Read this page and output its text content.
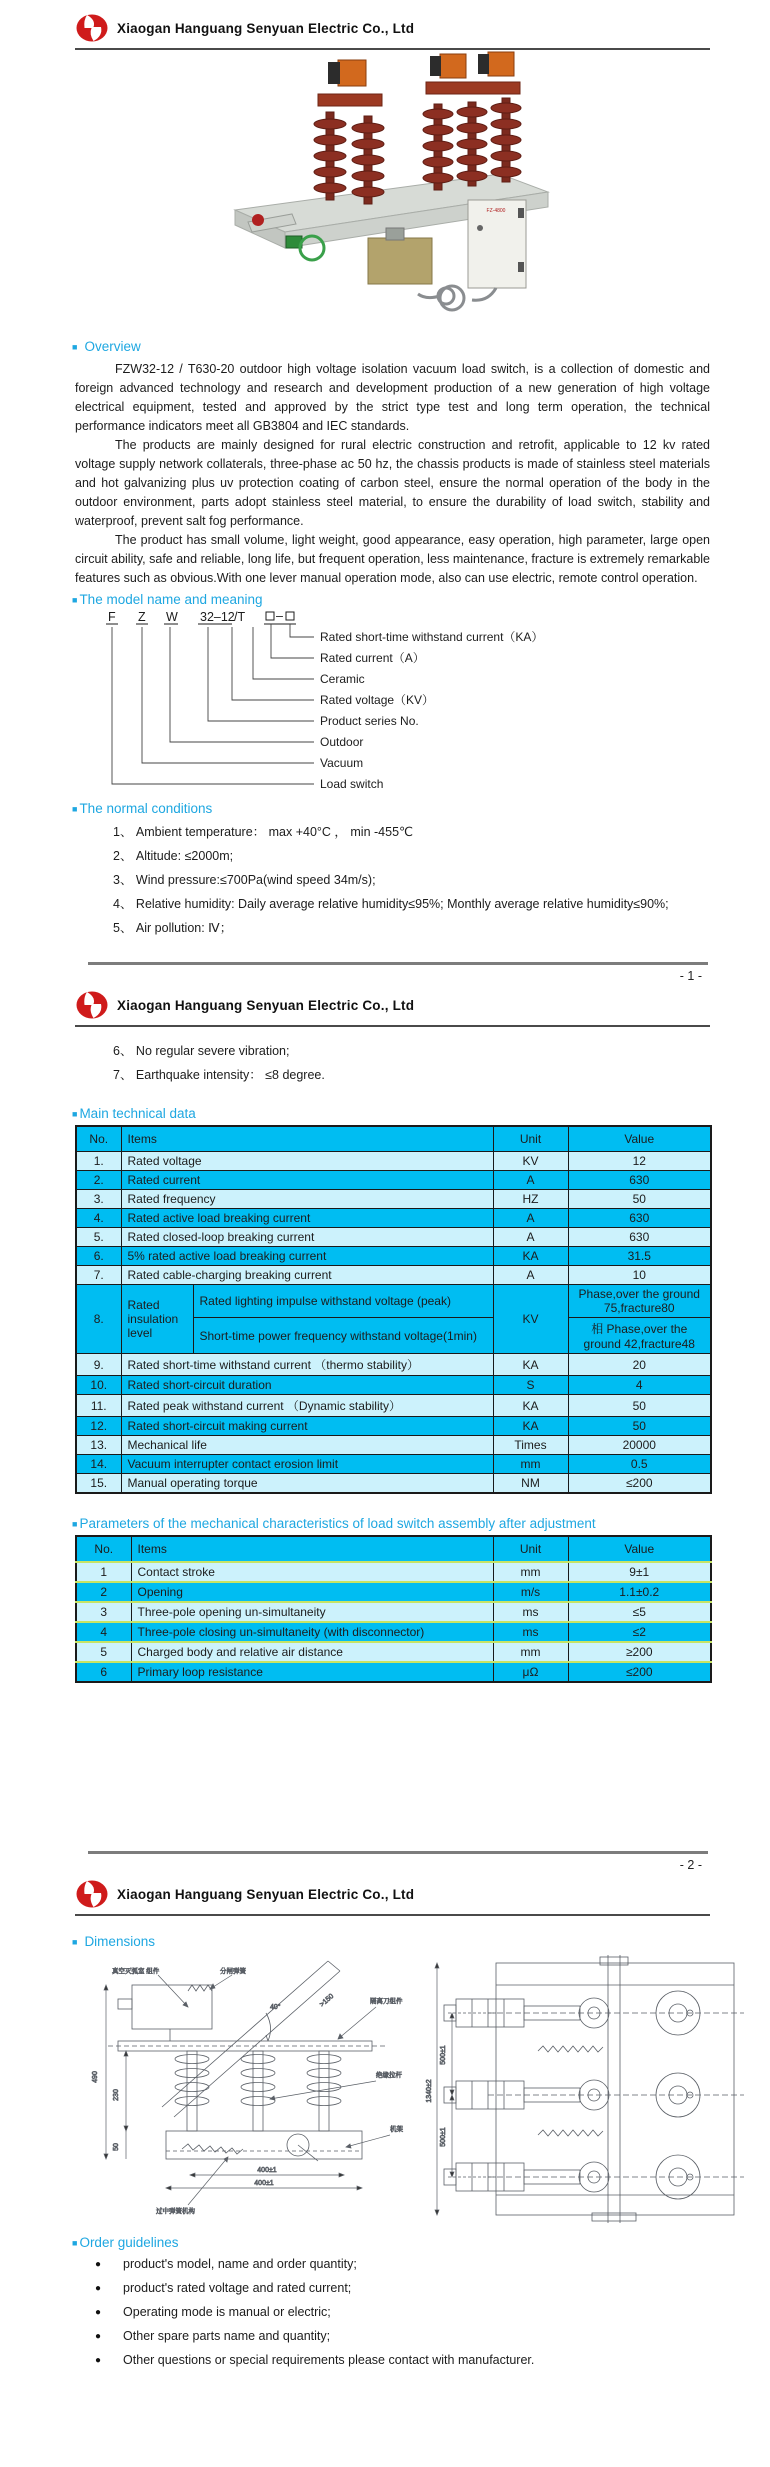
Xiaogan Hanguang Senyuan Electric Co., Ltd
FZ-4800
■ Overview

FZW32-12 / T630-20 outdoor high voltage isolation vacuum load switch, is a collection of domestic and foreign advanced technology and research and development production of a new generation of high voltage electrical equipment, tested and approved by the strict type test and long term operation, the technical performance indicators meet all GB3804 and IEC standards.

The products are mainly designed for rural electric construction and retrofit, applicable to 12 kv rated voltage supply network collaterals, three-phase ac 50 hz, the chassis products is made of stainless steel materials and hot galvanizing plus uv protection coating of carbon steel, ensure the normal operation of the body in the outdoor environment, parts adopt stainless steel material, to ensure the durability of load switch, stability and waterproof, prevent salt fog performance.

The product has small volume, light weight, good appearance, easy operation, high parameter, large open circuit ability, safe and reliable, long life, but frequent operation, less maintenance, fracture is extremely remarkable features such as obvious.With one lever manual operation mode, also can use electric, remote control operation.

■ The model name and meaning
F Z W 32–12 /T –
Rated short-time withstand current（KA）
Rated current（A）
Ceramic
Rated voltage（KV）
Product series No.
Outdoor
Vacuum
Load switch
■ The normal conditions

1、 Ambient temperature： max +40°C ， min -455℃

2、 Altitude: ≤2000m;

3、 Wind pressure:≤700Pa(wind speed 34m/s);

4、 Relative humidity: Daily average relative humidity≤95%; Monthly average relative humidity≤90%;

5、 Air pollution: Ⅳ；

- 1 -
Xiaogan Hanguang Senyuan Electric Co., Ltd

6、 No regular severe vibration;

7、 Earthquake intensity： ≤8 degree.

■ Main technical data
No.	Items		Unit	Value
1.	Rated voltage		KV	12
2.	Rated current		A	630
3.	Rated frequency		HZ	50
4.	Rated active load breaking current		A	630
5.	Rated closed-loop breaking current		A	630
6.	5% rated active load breaking current		KA	31.5
7.	Rated cable-charging breaking current		A	10
8.	Rated insulation level	Rated lighting impulse withstand voltage (peak)	KV	Phase,over the ground 75,fracture80
		Short-time power frequency withstand voltage(1min)		相 Phase,over the ground 42,fracture48
9.	Rated short-time withstand current （thermo stability）		KA	20
10.	Rated short-circuit duration		S	4
11.	Rated peak withstand current （Dynamic stability）		KA	50
12.	Rated short-circuit making current		KA	50
13.	Mechanical life		Times	20000
14.	Vacuum interrupter contact erosion limit		mm	0.5
15.	Manual operating torque		NM	≤200
■ Parameters of the mechanical characteristics of load switch assembly after adjustment
No.	Items	Unit	Value
1	Contact stroke	mm	9±1
2	Opening	m/s	1.1±0.2
3	Three-pole opening un-simultaneity	ms	≤5
4	Three-pole closing un-simultaneity (with disconnector)	ms	≤2
5	Charged body and relative air distance	mm	≥200
6	Primary loop resistance	μΩ	≤200
- 2 -
Xiaogan Hanguang Senyuan Electric Co., Ltd
■ Dimensions
490
230
50
400±1
400±1
>150
40°
真空灭弧室 组件	分闸弹簧
隔离刀组件
绝缘拉杆
机架
过中弹簧机构
500±1
500±1
1340±2
■ Order guidelines
● product's model, name and order quantity;
● product's rated voltage and rated current;
● Operating mode is manual or electric;
● Other spare parts name and quantity;
● Other questions or special requirements please contact with manufacturer.
